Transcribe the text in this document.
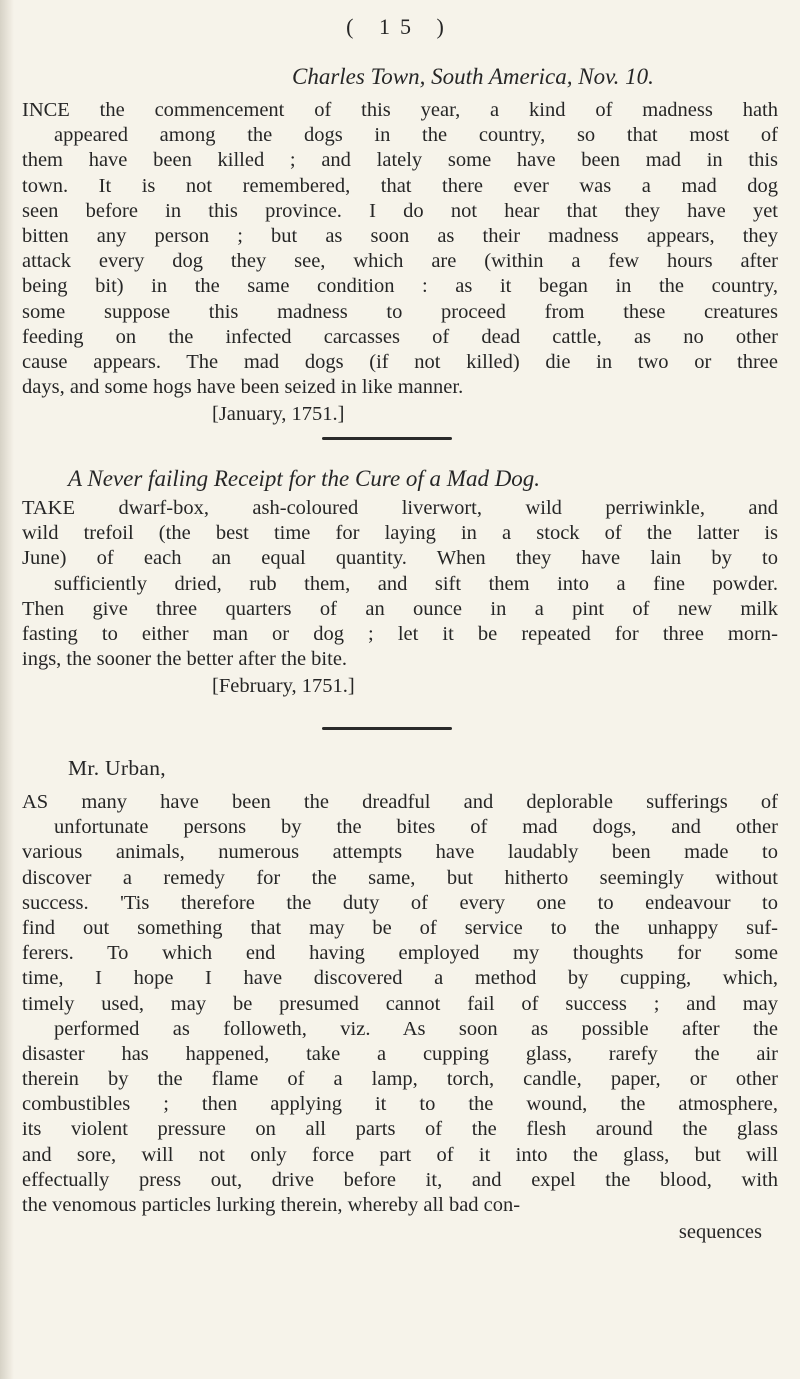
( 15 )
Charles Town, South America, Nov. 10.
INCE the commencement of this year, a kind of madness hath
appeared among the dogs in the country, so that most of
them have been killed ; and lately some have been mad in this
town. It is not remembered, that there ever was a mad dog
seen before in this province. I do not hear that they have yet
bitten any person ; but as soon as their madness appears, they
attack every dog they see, which are (within a few hours after
being bit) in the same condition : as it began in the country,
some suppose this madness to proceed from these creatures
feeding on the infected carcasses of dead cattle, as no other
cause appears. The mad dogs (if not killed) die in two or three
days, and some hogs have been seized in like manner.
[January, 1751.]
A Never failing Receipt for the Cure of a Mad Dog.
TAKE dwarf-box, ash-coloured liverwort, wild perriwinkle, and
wild trefoil (the best time for laying in a stock of the latter is
June) of each an equal quantity. When they have lain by to
sufficiently dried, rub them, and sift them into a fine powder.
Then give three quarters of an ounce in a pint of new milk
fasting to either man or dog ; let it be repeated for three morn-
ings, the sooner the better after the bite.
[February, 1751.]
Mr. Urban,
AS many have been the dreadful and deplorable sufferings of
unfortunate persons by the bites of mad dogs, and other
various animals, numerous attempts have laudably been made to
discover a remedy for the same, but hitherto seemingly without
success. 'Tis therefore the duty of every one to endeavour to
find out something that may be of service to the unhappy suf-
ferers. To which end having employed my thoughts for some
time, I hope I have discovered a method by cupping, which,
timely used, may be presumed cannot fail of success ; and may
performed as followeth, viz. As soon as possible after the
disaster has happened, take a cupping glass, rarefy the air
therein by the flame of a lamp, torch, candle, paper, or other
combustibles ; then applying it to the wound, the atmosphere,
its violent pressure on all parts of the flesh around the glass
and sore, will not only force part of it into the glass, but will
effectually press out, drive before it, and expel the blood, with
the venomous particles lurking therein, whereby all bad con-
sequences
